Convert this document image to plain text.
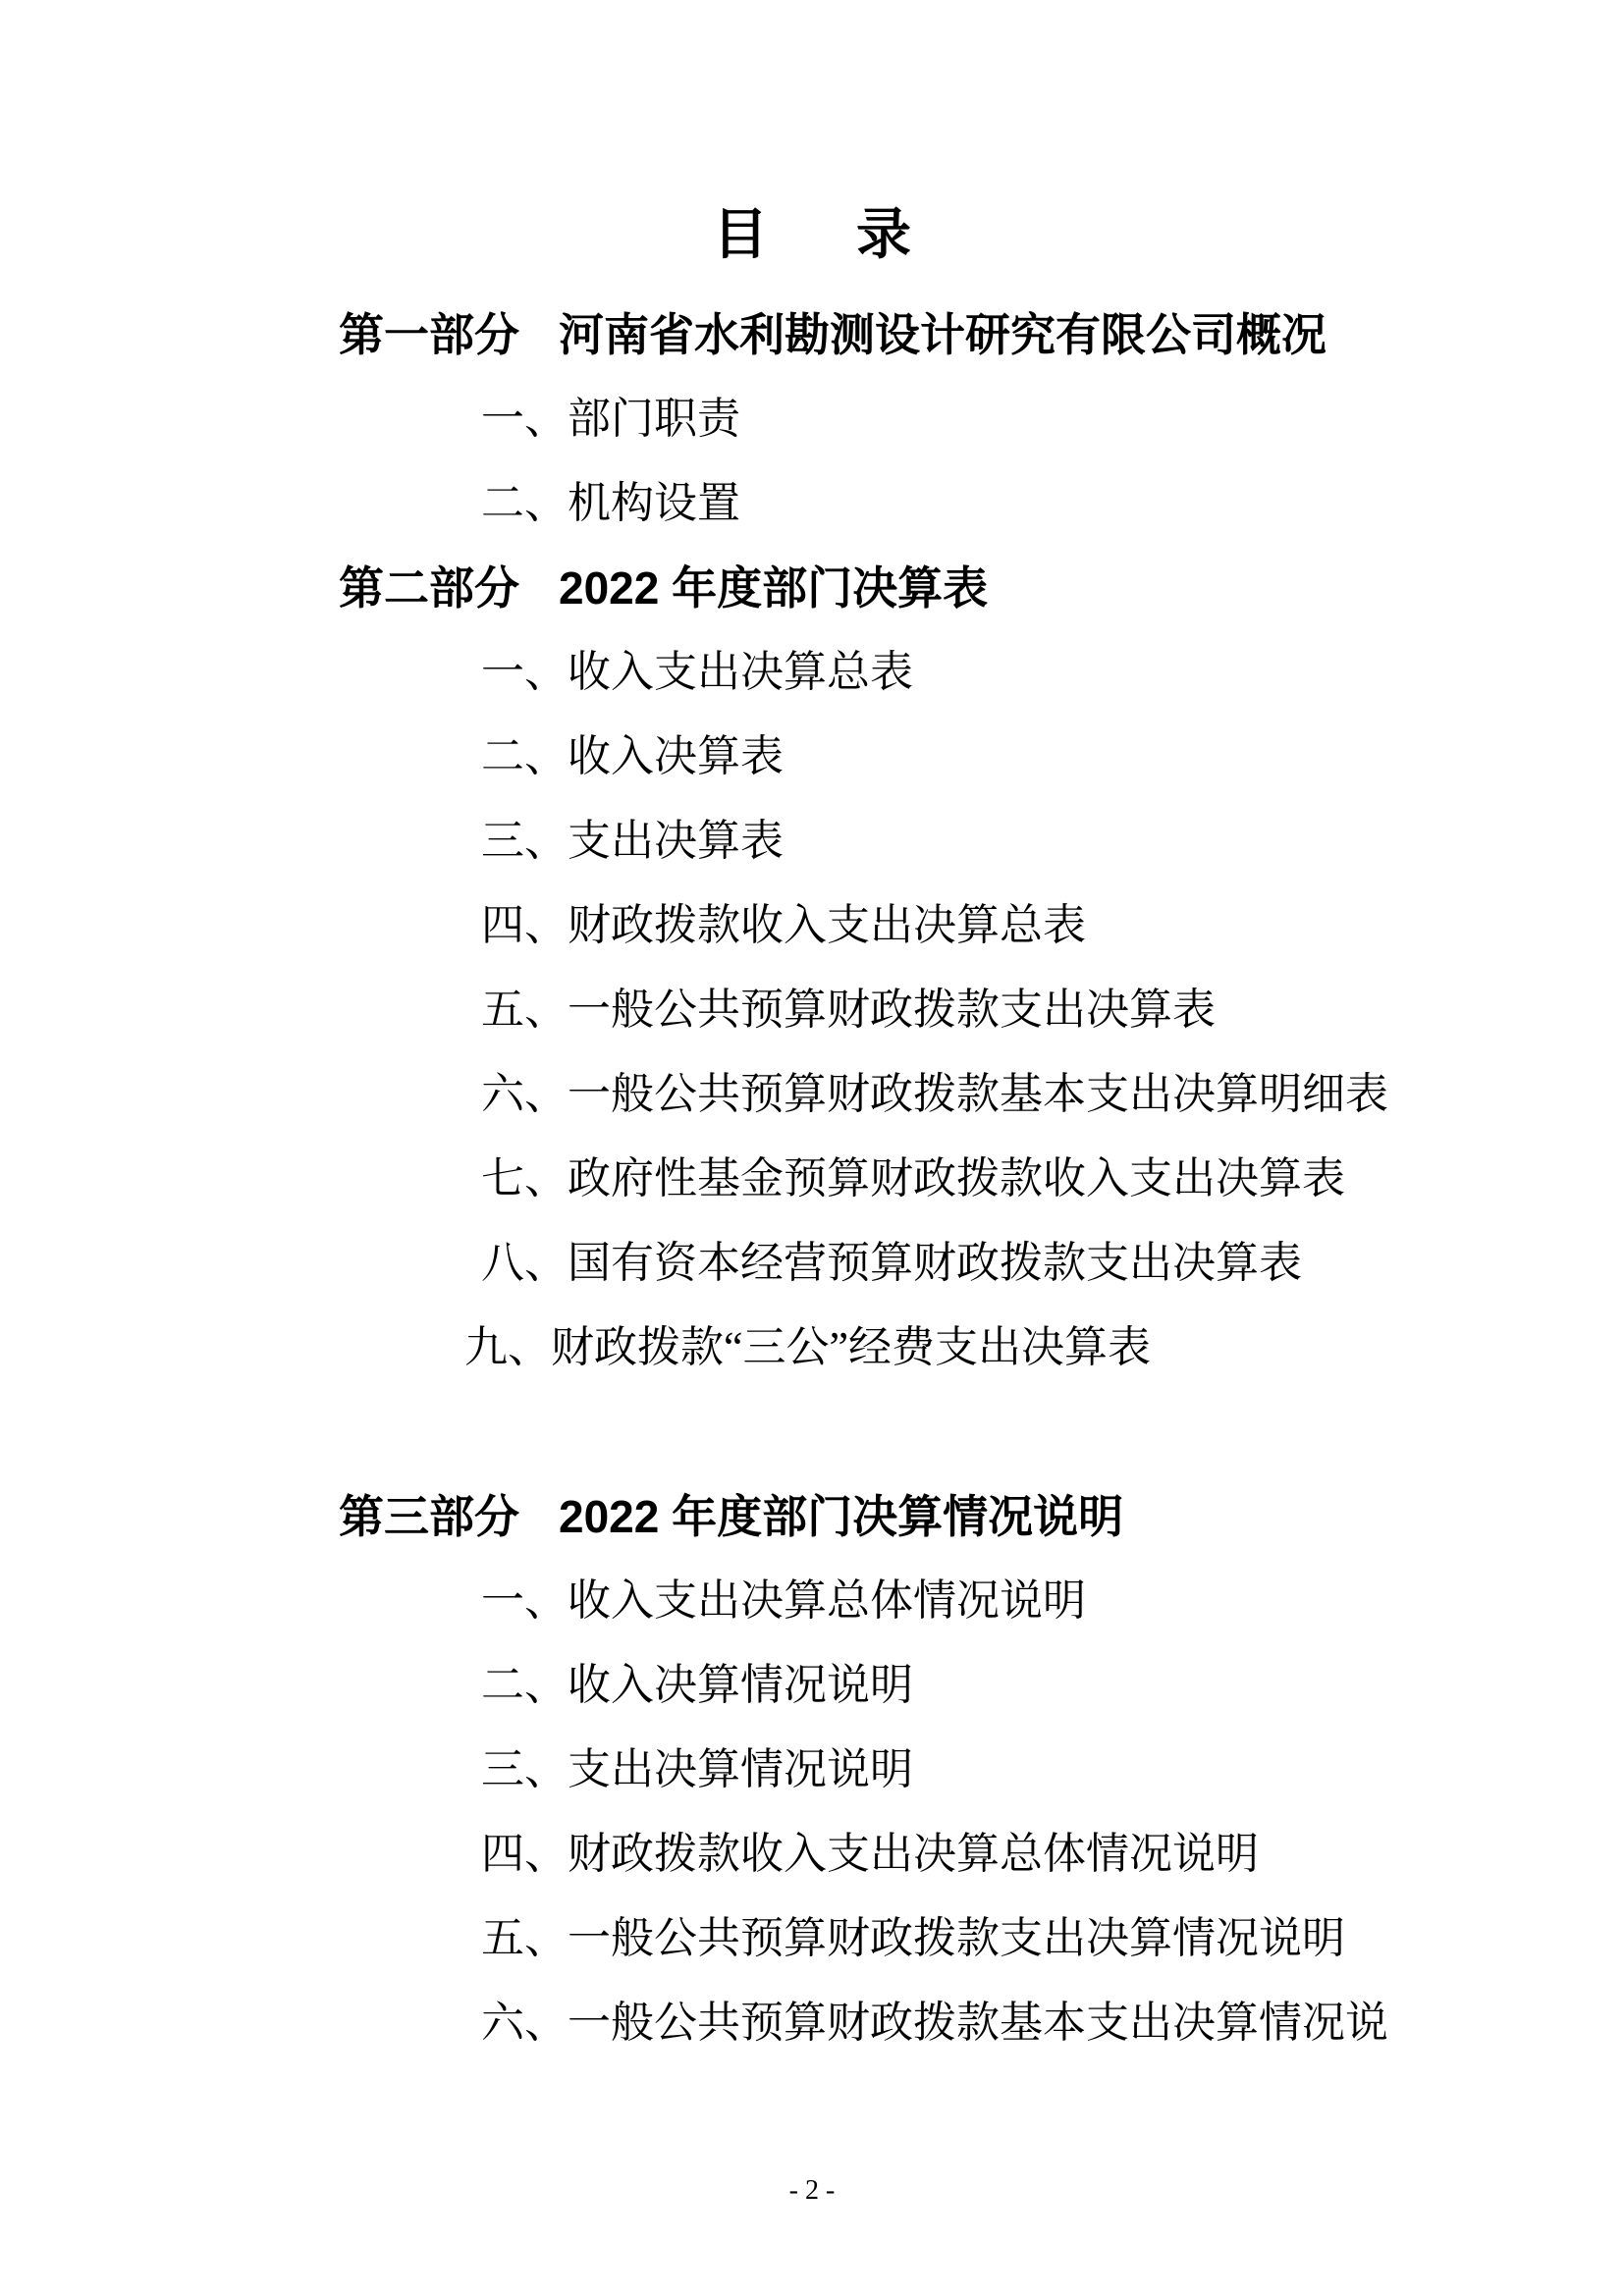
目 录
第一部分 河南省水利勘测设计研究有限公司概况
一、部门职责
二、机构设置
第二部分 2022 年度部门决算表
一、收入支出决算总表
二、收入决算表
三、支出决算表
四、财政拨款收入支出决算总表
五、一般公共预算财政拨款支出决算表
六、一般公共预算财政拨款基本支出决算明细表
七、政府性基金预算财政拨款收入支出决算表
八、国有资本经营预算财政拨款支出决算表
九、财政拨款“三公”经费支出决算表
第三部分 2022 年度部门决算情况说明
一、收入支出决算总体情况说明
二、收入决算情况说明
三、支出决算情况说明
四、财政拨款收入支出决算总体情况说明
五、一般公共预算财政拨款支出决算情况说明
六、一般公共预算财政拨款基本支出决算情况说
- 2 -
